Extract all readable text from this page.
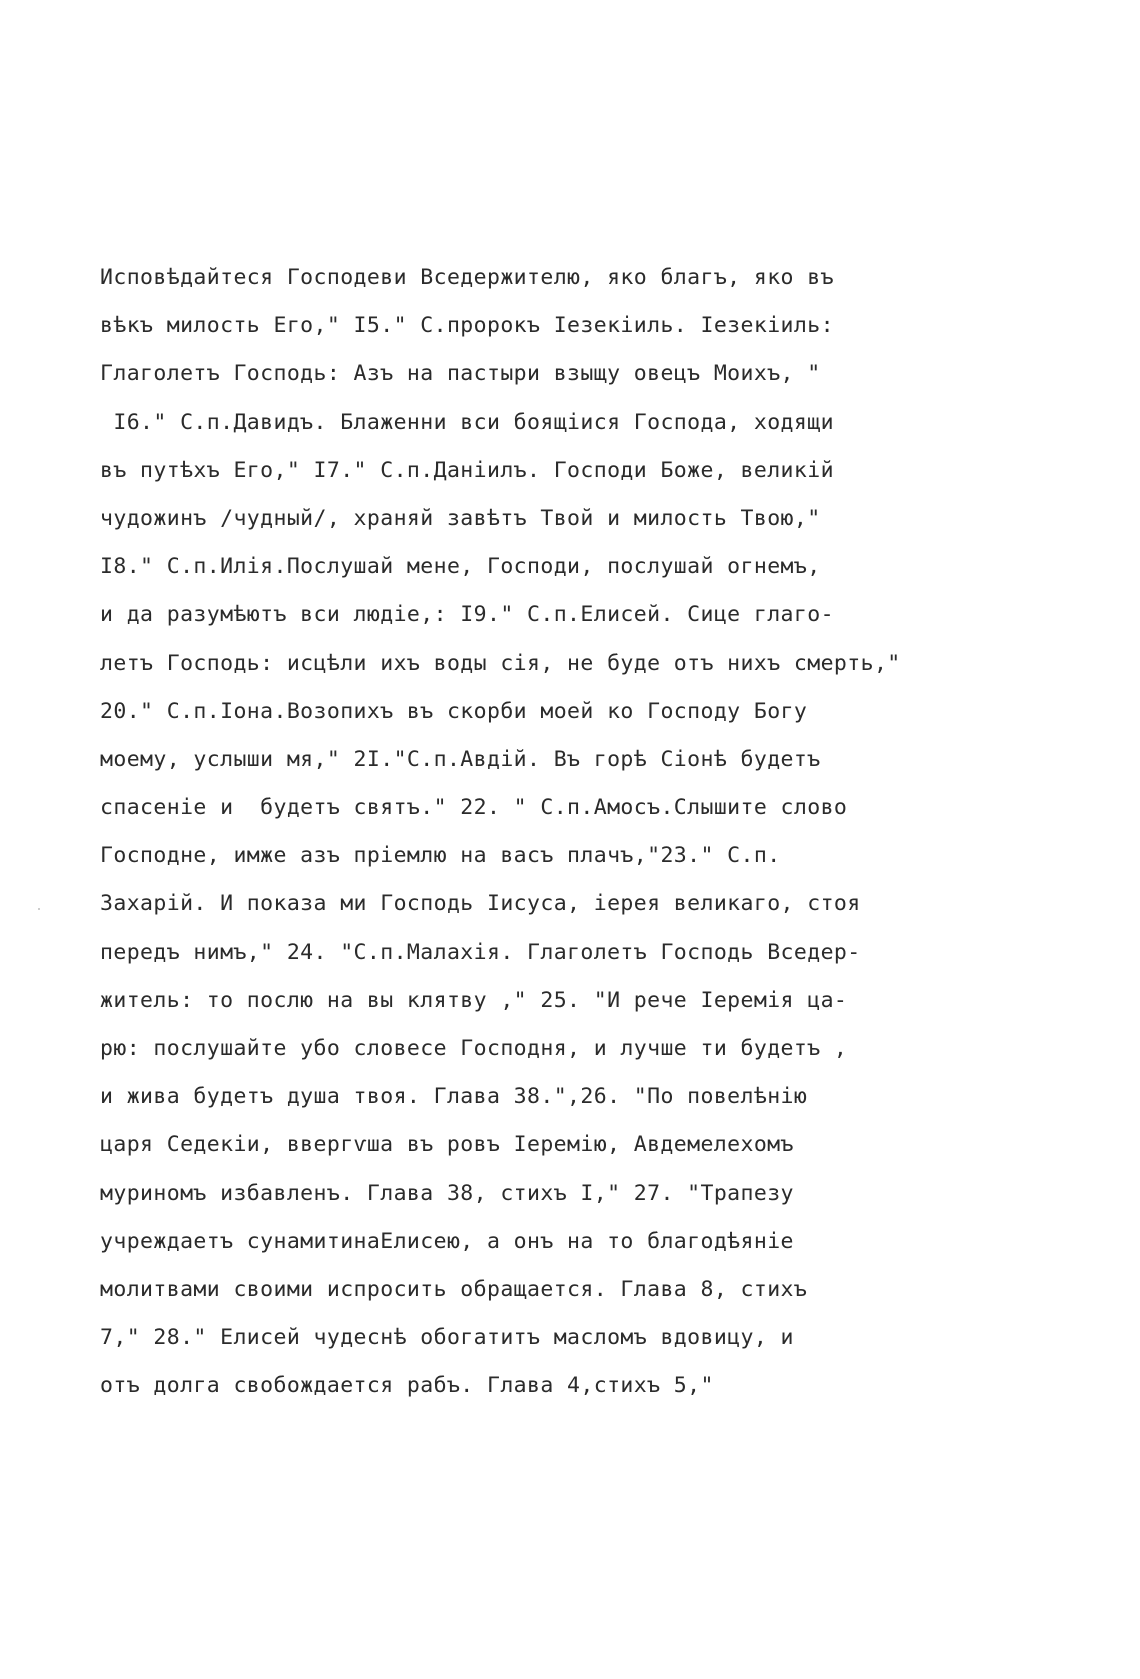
Исповѣдайтеся Господеви Вседержителю, яко благъ, яко въ
вѣкъ милость Его," I5." С.пророкъ Iезекiиль. Iезекiиль:
Глаголетъ Господь: Азъ на пастыри взыщу овецъ Моихъ, "
I6." С.п.Давидъ. Блаженни вси боящiися Господа, ходящи
въ путѣхъ Его," I7." С.п.Данiилъ. Господи Боже, великiй
чудожинъ /чудный/, храняй завѣтъ Твой и милость Твою,"
I8." С.п.Илiя.Послушай мене, Господи, послушай огнемъ,
и да разумѣютъ вси людiе,: I9." С.п.Елисей. Сице глаго-
летъ Господь: исцѣли ихъ воды сiя, не буде отъ нихъ смерть,"
20." С.п.Iона.Возопихъ въ скорби моей ко Господу Богу
моему, услыши мя," 2I."С.п.Авдiй. Въ горѣ Сiонѣ будетъ
спасенiе и  будетъ святъ." 22. " С.п.Амосъ.Слышите слово
Господне, имже азъ прiемлю на васъ плачъ,"23." С.п.
Захарiй. И показа ми Господь Iисуса, iерея великаго, стоя
передъ нимъ," 24. "С.п.Малахiя. Глаголетъ Господь Вседер-
житель: то послю на вы клятву ," 25. "И рече Iеремiя ца-
рю: послушайте убо словесе Господня, и лучше ти будетъ ,
и жива будетъ душа твоя. Глава 38.",26. "По повелѣнiю
царя Седекiи, ввергѵша въ ровъ Iеремiю, Авдемелехомъ
муриномъ избавленъ. Глава 38, стихъ I," 27. "Трапезу
учреждаетъ сунамитинаЕлисею, а онъ на то благодѣянiе
молитвами своими испросить обращается. Глава 8, стихъ
7," 28." Елисей чудеснѣ обогатитъ масломъ вдовицу, и
отъ долга свобождается рабъ. Глава 4,стихъ 5,"
